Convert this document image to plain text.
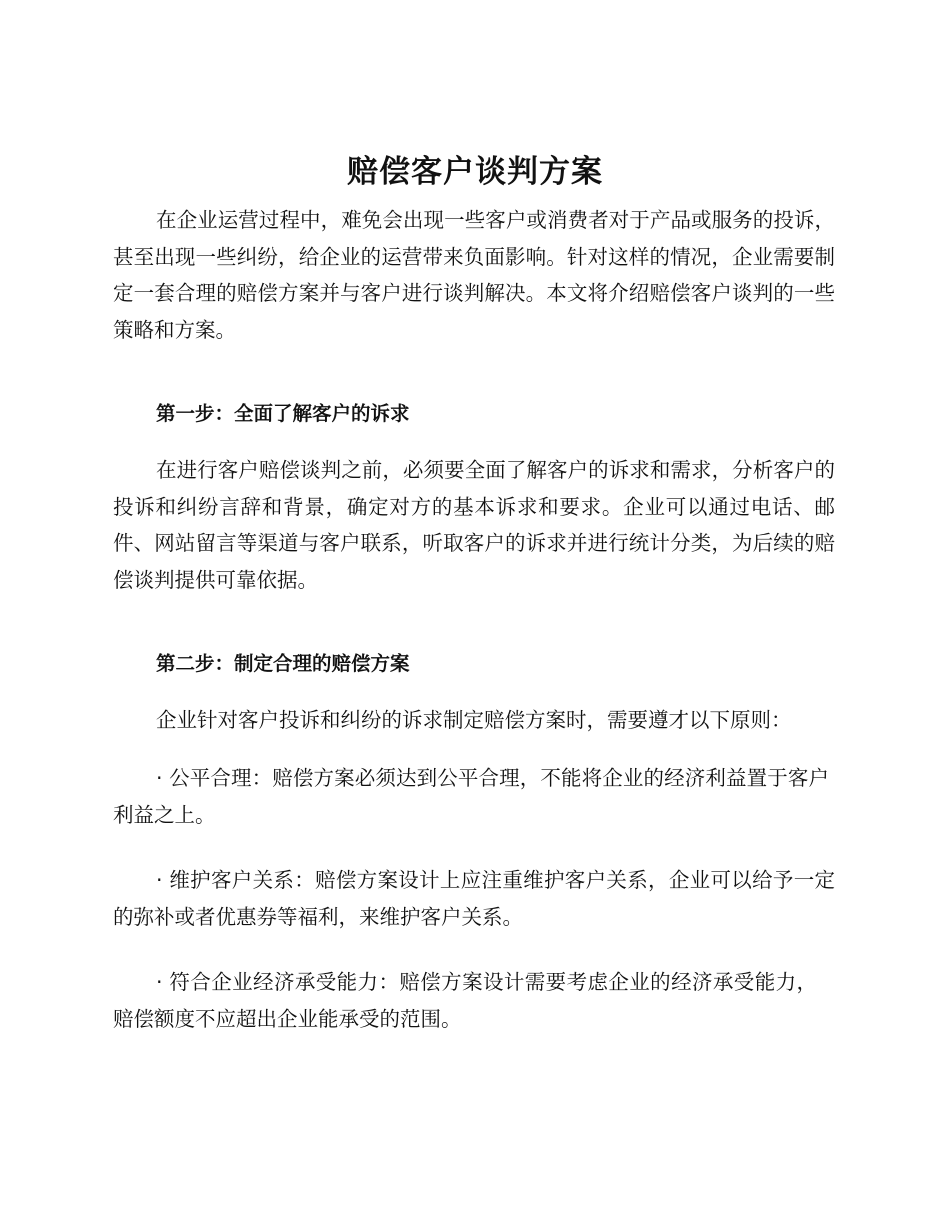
赔偿客户谈判方案

在企业运营过程中，难免会出现一些客户或消费者对于产品或服务的投诉，甚至出现一些纠纷，给企业的运营带来负面影响。针对这样的情况，企业需要制定一套合理的赔偿方案并与客户进行谈判解决。本文将介绍赔偿客户谈判的一些策略和方案。

第一步：全面了解客户的诉求

在进行客户赔偿谈判之前，必须要全面了解客户的诉求和需求，分析客户的投诉和纠纷言辞和背景，确定对方的基本诉求和要求。企业可以通过电话、邮件、网站留言等渠道与客户联系，听取客户的诉求并进行统计分类，为后续的赔偿谈判提供可靠依据。

第二步：制定合理的赔偿方案

企业针对客户投诉和纠纷的诉求制定赔偿方案时，需要遵才以下原则：

· 公平合理：赔偿方案必须达到公平合理，不能将企业的经济利益置于客户利益之上。

· 维护客户关系：赔偿方案设计上应注重维护客户关系，企业可以给予一定的弥补或者优惠券等福利，来维护客户关系。

· 符合企业经济承受能力：赔偿方案设计需要考虑企业的经济承受能力，赔偿额度不应超出企业能承受的范围。
